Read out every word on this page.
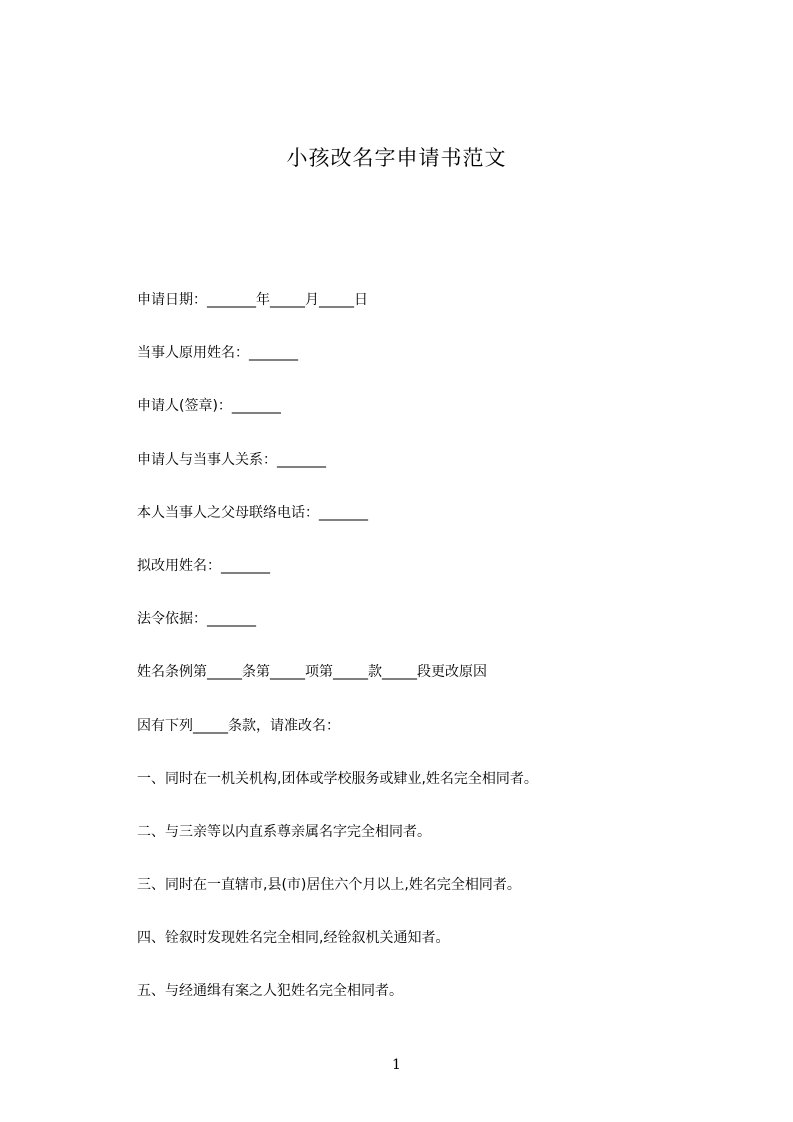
小孩改名字申请书范文
申请日期：_______年_____月_____日
当事人原用姓名：_______
申请人(签章)：_______
申请人与当事人关系：_______
本人当事人之父母联络电话：_______
拟改用姓名：_______
法令依据：_______
姓名条例第_____条第_____项第_____款_____段更改原因
因有下列_____条款，请准改名：
一、同时在一机关机构,团体或学校服务或肄业,姓名完全相同者。
二、与三亲等以内直系尊亲属名字完全相同者。
三、同时在一直辖市,县(市)居住六个月以上,姓名完全相同者。
四、铨叙时发现姓名完全相同,经铨叙机关通知者。
五、与经通缉有案之人犯姓名完全相同者。
1
